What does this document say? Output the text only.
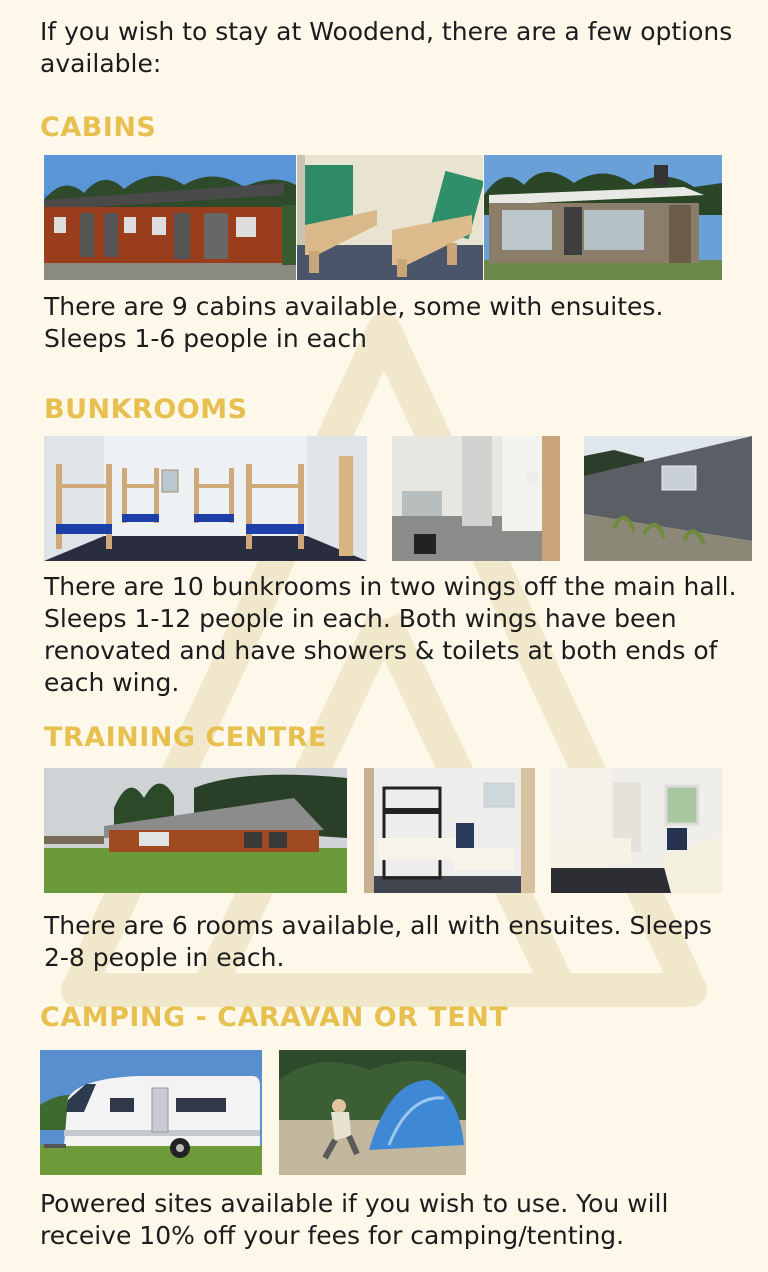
If you wish to stay at Woodend, there are a few options available:

CABINS

There are 9 cabins available, some with ensuites. Sleeps 1-6 people in each

BUNKROOMS

There are 10 bunkrooms in two wings off the main hall. Sleeps 1-12 people in each. Both wings have been renovated and have showers & toilets at both ends of each wing.

TRAINING CENTRE

There are 6 rooms available, all with ensuites. Sleeps 2-8 people in each.

CAMPING - CARAVAN OR TENT

Powered sites available if you wish to use. You will receive 10% off your fees for camping/tenting.
